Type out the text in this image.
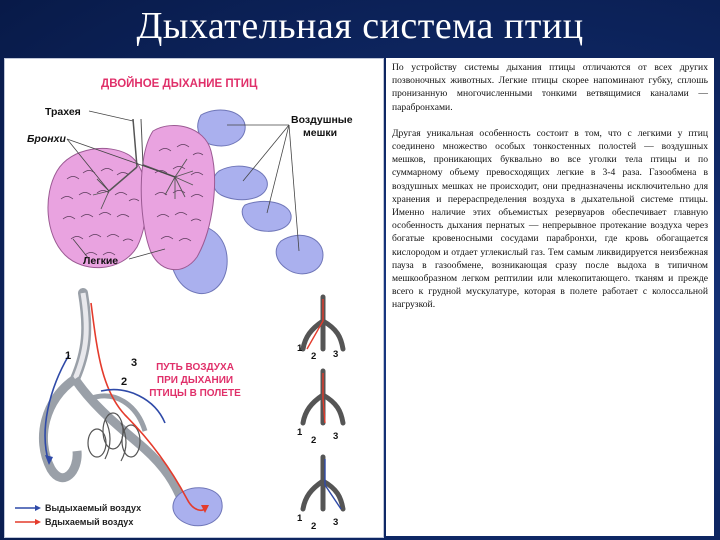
Дыхательная система птиц
ДВОЙНОЕ ДЫХАНИЕ ПТИЦ
Трахея
Бронхи
Воздушные
мешки
Легкие
1
2
3 ПУТЬ ВОЗДУХА
ПРИ ДЫХАНИИ
ПТИЦЫ В ПОЛЕТЕ
1
2 3
1
2 3
1
2 3
Выдыхаемый воздух
Вдыхаемый воздух

По устройству системы дыхания птицы отличаются от всех других позвоночных животных. Легкие птицы скорее напоминают губку, сплошь пронизанную многочисленными тонкими ветвящимися каналами — парабронхами.

Другая уникальная особенность состоит в том, что с легкими у птиц соединено множество особых тонкостенных полостей — воздушных мешков, проникающих буквально во все уголки тела птицы и по суммарному объему превосходящих легкие в 3-4 раза. Газообмена в воздушных мешках не происходит, они предназначены исключительно для хранения и перераспределения воздуха в дыхательной системе птицы. Именно наличие этих объемистых резервуаров обеспечивает главную особенность дыхания пернатых — непрерывное протекание воздуха через богатые кровеносными сосудами парабронхи, где кровь обогащается кислородом и отдает углекислый газ. Тем самым ликвидируется неизбежная пауза в газообмене, возникающая сразу после выдоха в типичном мешкообразном легком рептилии или млекопитающего. тканям и прежде всего к грудной мускулатуре, которая в полете работает с колоссальной нагрузкой.
